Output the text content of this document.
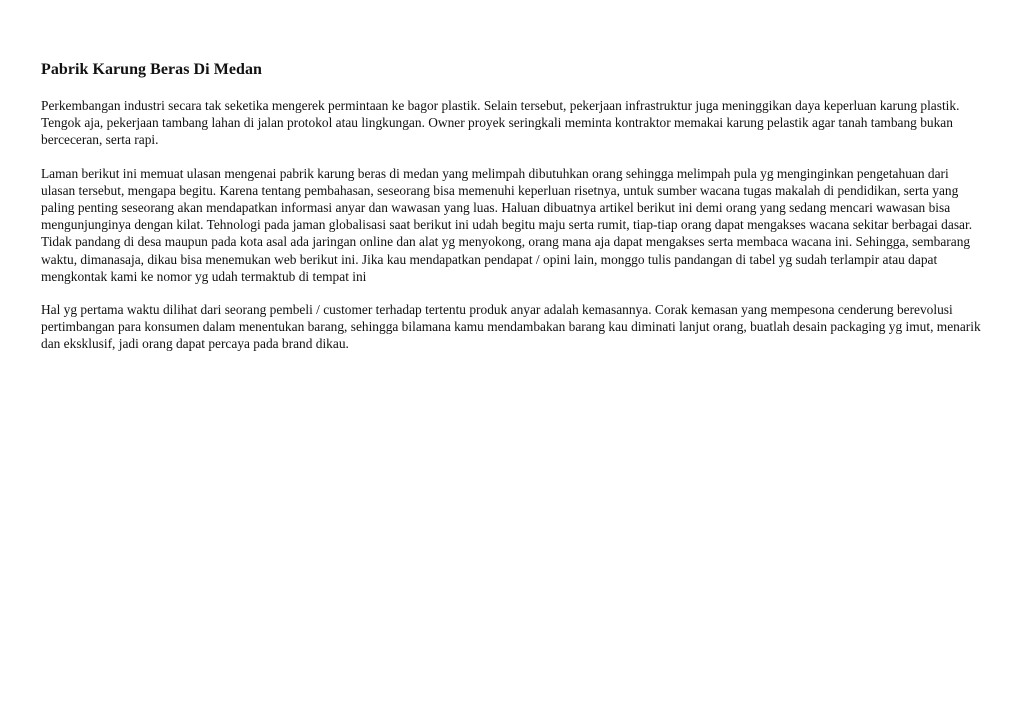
Pabrik Karung Beras Di Medan

Perkembangan industri secara tak seketika mengerek permintaan ke bagor plastik. Selain tersebut, pekerjaan infrastruktur juga meninggikan daya keperluan karung plastik. Tengok aja, pekerjaan tambang lahan di jalan protokol atau lingkungan. Owner proyek seringkali meminta kontraktor memakai karung pelastik agar tanah tambang bukan berceceran, serta rapi.

Laman berikut ini memuat ulasan mengenai pabrik karung beras di medan yang melimpah dibutuhkan orang sehingga melimpah pula yg menginginkan pengetahuan dari ulasan tersebut, mengapa begitu. Karena tentang pembahasan, seseorang bisa memenuhi keperluan risetnya, untuk sumber wacana tugas makalah di pendidikan, serta yang paling penting seseorang akan mendapatkan informasi anyar dan wawasan yang luas. Haluan dibuatnya artikel berikut ini demi orang yang sedang mencari wawasan bisa mengunjunginya dengan kilat. Tehnologi pada jaman globalisasi saat berikut ini udah begitu maju serta rumit, tiap-tiap orang dapat mengakses wacana sekitar berbagai dasar. Tidak pandang di desa maupun pada kota asal ada jaringan online dan alat yg menyokong, orang mana aja dapat mengakses serta membaca wacana ini. Sehingga, sembarang waktu, dimanasaja, dikau bisa menemukan web berikut ini. Jika kau mendapatkan pendapat / opini lain, monggo tulis pandangan di tabel yg sudah terlampir atau dapat mengkontak kami ke nomor yg udah termaktub di tempat ini

Hal yg pertama waktu dilihat dari seorang pembeli / customer terhadap tertentu produk anyar adalah kemasannya. Corak kemasan yang mempesona cenderung berevolusi pertimbangan para konsumen dalam menentukan barang, sehingga bilamana kamu mendambakan barang kau diminati lanjut orang, buatlah desain packaging yg imut, menarik dan eksklusif, jadi orang dapat percaya pada brand dikau.
